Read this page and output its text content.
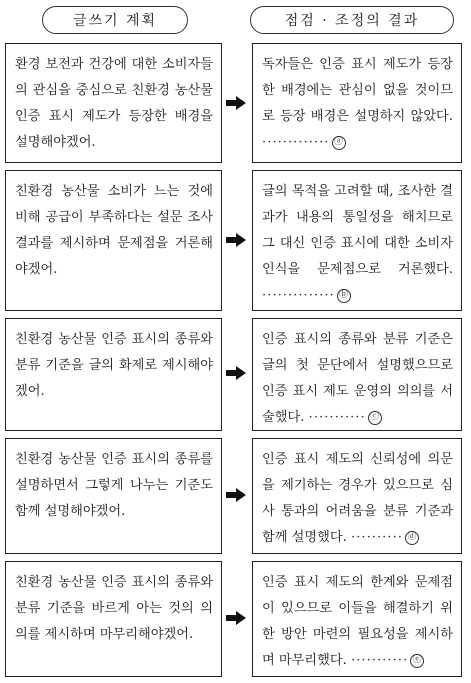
글쓰기 계획	점검 · 조정의 결과
환경 보전과 건강에 대한 소비자들의 관심을 중심으로 친환경 농산물 인증 표시 제도가 등장한 배경을 설명해야겠어.
독자들은 인증 표시 제도가 등장한 배경에는 관심이 없을 것이므로 등장 배경은 설명하지 않았다. ············· ⓐ
친환경 농산물 소비가 느는 것에 비해 공급이 부족하다는 설문 조사 결과를 제시하며 문제점을 거론해야겠어.
글의 목적을 고려할 때, 조사한 결과가 내용의 통일성을 해치므로 그 대신 인증 표시에 대한 소비자 인식을 문제점으로 거론했다. ·············· ⓑ
친환경 농산물 인증 표시의 종류와 분류 기준을 글의 화제로 제시해야겠어.
인증 표시의 종류와 분류 기준은 글의 첫 문단에서 설명했으므로 인증 표시 제도 운영의 의의를 서술했다. ··········· ⓒ
친환경 농산물 인증 표시의 종류를 설명하면서 그렇게 나누는 기준도 함께 설명해야겠어.
인증 표시 제도의 신뢰성에 의문을 제기하는 경우가 있으므로 심사 통과의 어려움을 분류 기준과 함께 설명했다. ·········· ⓓ
친환경 농산물 인증 표시의 종류와 분류 기준을 바르게 아는 것의 의의를 제시하며 마무리해야겠어.
인증 표시 제도의 한계와 문제점이 있으므로 이들을 해결하기 위한 방안 마련의 필요성을 제시하며 마무리했다. ··········· ⓔ
